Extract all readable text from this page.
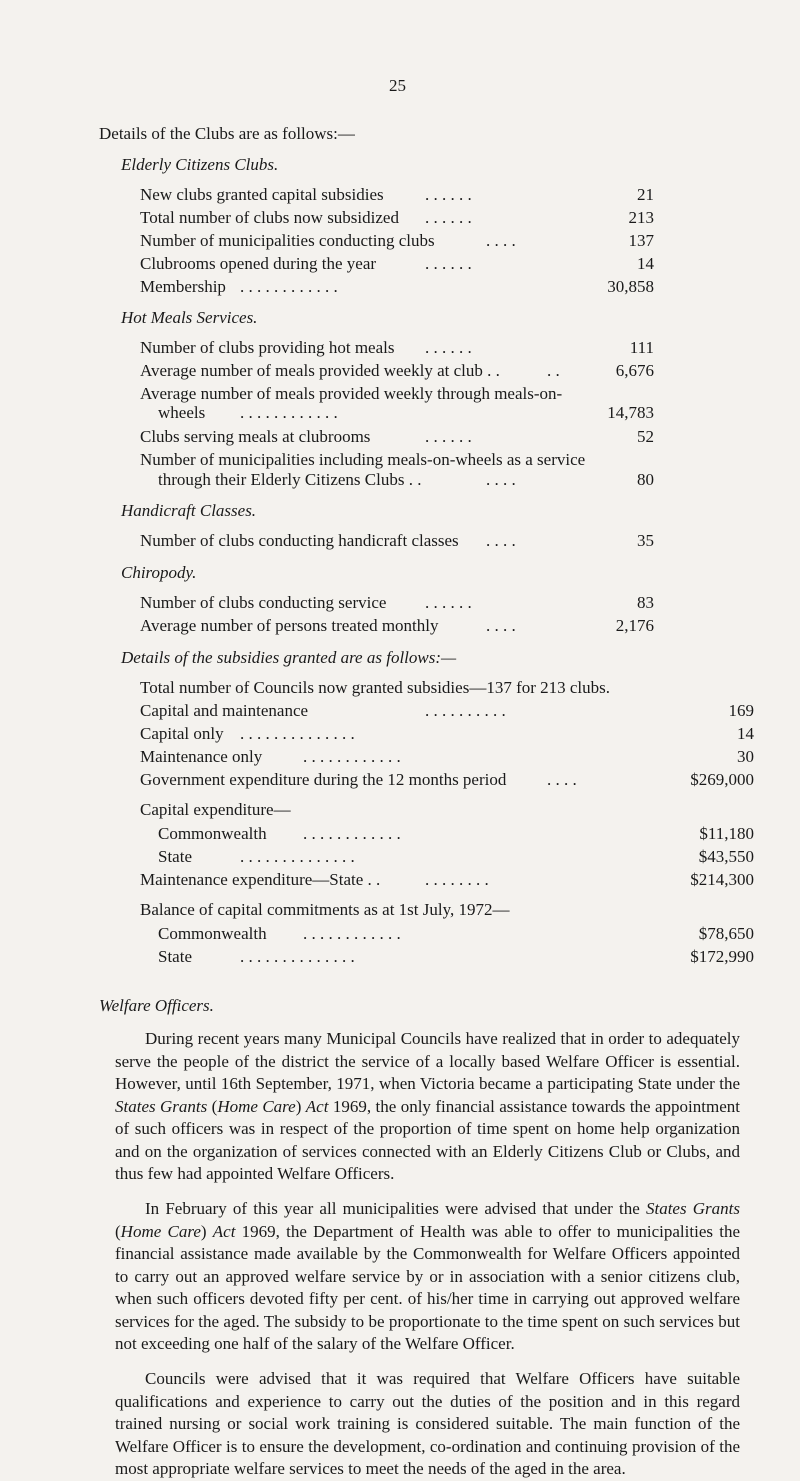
25
Details of the Clubs are as follows:—
Elderly Citizens Clubs.
New clubs granted capital subsidies . . . . . .	21
Total number of clubs now subsidized . . . . . .	213
Number of municipalities conducting clubs	. . . .	137
Clubrooms opened during the year	. . . . . .	14
Membership . . . . . . . . . . . .	30,858
Hot Meals Services.
Number of clubs providing hot meals . . . . . .	111
Average number of meals provided weekly at club . .	. .	6,676
Average number of meals provided weekly through meals-on-
wheels . . . . . . . . . . . .	14,783
Clubs serving meals at clubrooms	. . . . . .	52
Number of municipalities including meals-on-wheels as a service
through their Elderly Citizens Clubs . .	. . . .	80
Handicraft Classes.
Number of clubs conducting handicraft classes . . . .	35
Chiropody.
Number of clubs conducting service . . . . . .	83
Average number of persons treated monthly	. . . .	2,176
Details of the subsidies granted are as follows:—
Total number of Councils now granted subsidies—137 for 213 clubs.
Capital and maintenance	. . . . . . . . . .	169
Capital only . . . . . . . . . . . . . .	14
Maintenance only . . . . . . . . . . . .	30
Government expenditure during the 12 months period . . . .	$269,000
Capital expenditure—
Commonwealth . . . . . . . . . . . .	$11,180
State	. . . . . . . . . . . . . .	$43,550
Maintenance expenditure—State . .	. . . . . . . .	$214,300
Balance of capital commitments as at 1st July, 1972—
Commonwealth . . . . . . . . . . . .	$78,650
State	. . . . . . . . . . . . . .	$172,990
Welfare Officers.

During recent years many Municipal Councils have realized that in order to adequately serve the people of the district the service of a locally based Welfare Officer is essential. However, until 16th September, 1971, when Victoria became a participating State under the States Grants (Home Care) Act 1969, the only financial assistance towards the appointment of such officers was in respect of the proportion of time spent on home help organization and on the organization of services connected with an Elderly Citizens Club or Clubs, and thus few had appointed Welfare Officers.

In February of this year all municipalities were advised that under the States Grants (Home Care) Act 1969, the Department of Health was able to offer to municipalities the financial assistance made available by the Commonwealth for Welfare Officers appointed to carry out an approved welfare service by or in association with a senior citizens club, when such officers devoted fifty per cent. of his/her time in carrying out approved welfare services for the aged. The subsidy to be proportionate to the time spent on such services but not exceeding one half of the salary of the Welfare Officer.

Councils were advised that it was required that Welfare Officers have suitable qualifications and experience to carry out the duties of the position and in this regard trained nursing or social work training is considered suitable. The main function of the Welfare Officer is to ensure the development, co-ordination and continuing provision of the most appropriate welfare services to meet the needs of the aged in the area.
